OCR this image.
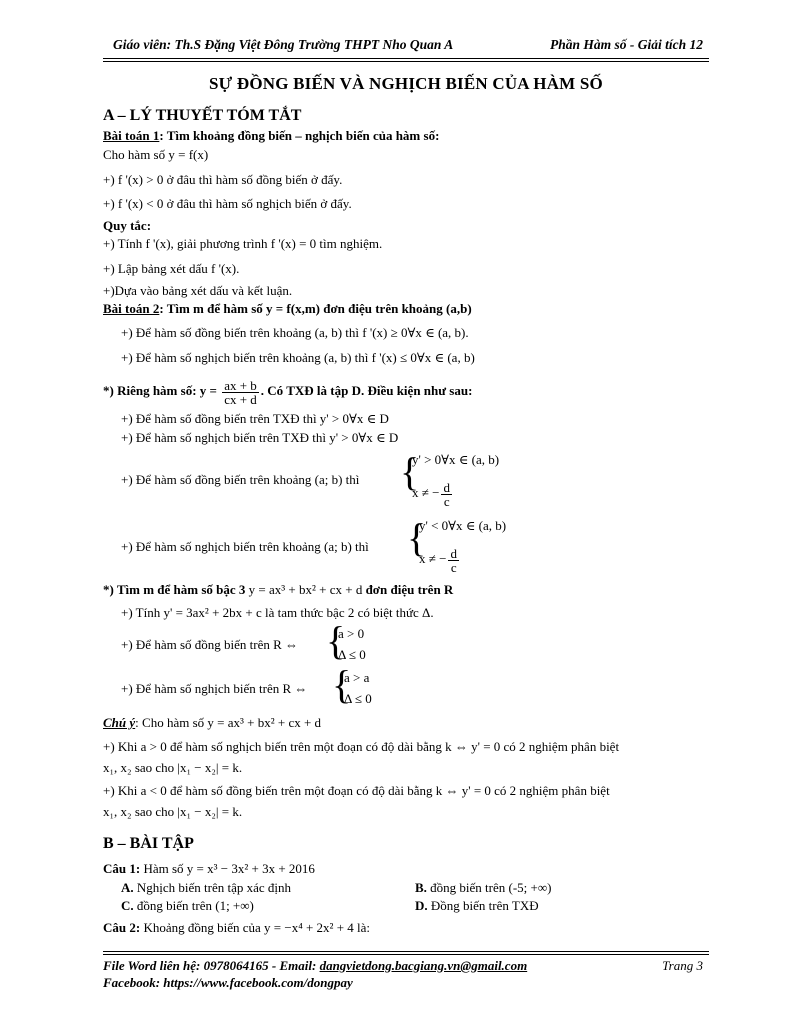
Giáo viên: Th.S Đặng Việt Đông Trường THPT Nho Quan A	Phần Hàm số - Giải tích 12
SỰ ĐỒNG BIẾN VÀ NGHỊCH BIẾN CỦA HÀM SỐ
A – LÝ THUYẾT TÓM TẮT
Bài toán 1: Tìm khoảng đồng biến – nghịch biến của hàm số:
Cho hàm số y = f(x)
+) f '(x) > 0 ở đâu thì hàm số đồng biến ở đấy.
+) f '(x) < 0 ở đâu thì hàm số nghịch biến ở đấy.
Quy tắc:
+) Tính f '(x), giải phương trình f '(x) = 0 tìm nghiệm.
+) Lập bảng xét dấu f '(x).
+)Dựa vào bảng xét dấu và kết luận.
Bài toán 2: Tìm m để hàm số y = f(x,m) đơn điệu trên khoảng (a,b)
+) Để hàm số đồng biến trên khoảng (a, b) thì f '(x) ≥ 0∀x ∈ (a, b).
+) Để hàm số nghịch biến trên khoảng (a, b) thì f '(x) ≤ 0∀x ∈ (a, b)
*) Riêng hàm số: $y = \frac{ax + b}{cx + d}$ . Có TXĐ là tập D. Điều kiện như sau:
+) Để hàm số đồng biến trên TXĐ thì y' > 0∀x ∈ D
+) Để hàm số nghịch biến trên TXĐ thì y' > 0∀x ∈ D
+) Để hàm số đồng biến trên khoảng (a; b) thì {
y' > 0∀x ∈ (a, b)
x ≠ − $\frac{d}{c}$
+) Để hàm số nghịch biến trên khoảng (a; b) thì {
y' < 0∀x ∈ (a, b)
x ≠ − $\frac{d}{c}$
*) Tìm m để hàm số bậc 3 y = ax³ + bx² + cx + d đơn điệu trên R
+) Tính y' = 3ax² + 2bx + c là tam thức bậc 2 có biệt thức Δ.
+) Để hàm số đồng biến trên R ⇔ {
a > 0
Δ ≤ 0
+) Để hàm số nghịch biến trên R ⇔ {
a > a
Δ ≤ 0
Chú ý: Cho hàm số y = ax³ + bx² + cx + d
+) Khi a > 0 để hàm số nghịch biến trên một đoạn có độ dài bằng k ⇔ y' = 0 có 2 nghiệm phân biệt
x₁, x₂ sao cho |x₁ − x₂| = k.
+) Khi a < 0 để hàm số đồng biến trên một đoạn có độ dài bằng k ⇔ y' = 0 có 2 nghiệm phân biệt
x₁, x₂ sao cho |x₁ − x₂| = k.
B – BÀI TẬP
Câu 1: Hàm số y = x³ − 3x² + 3x + 2016
A. Nghịch biến trên tập xác định	B. đồng biến trên (-5; +∞)
C. đồng biến trên (1; +∞)	D. Đồng biến trên TXĐ
Câu 2: Khoảng đồng biến của y = −x⁴ + 2x² + 4 là:
File Word liên hệ: 0978064165 - Email: dangvietdong.bacgiang.vn@gmail.com	Trang 3
Facebook: https://www.facebook.com/dongpay
